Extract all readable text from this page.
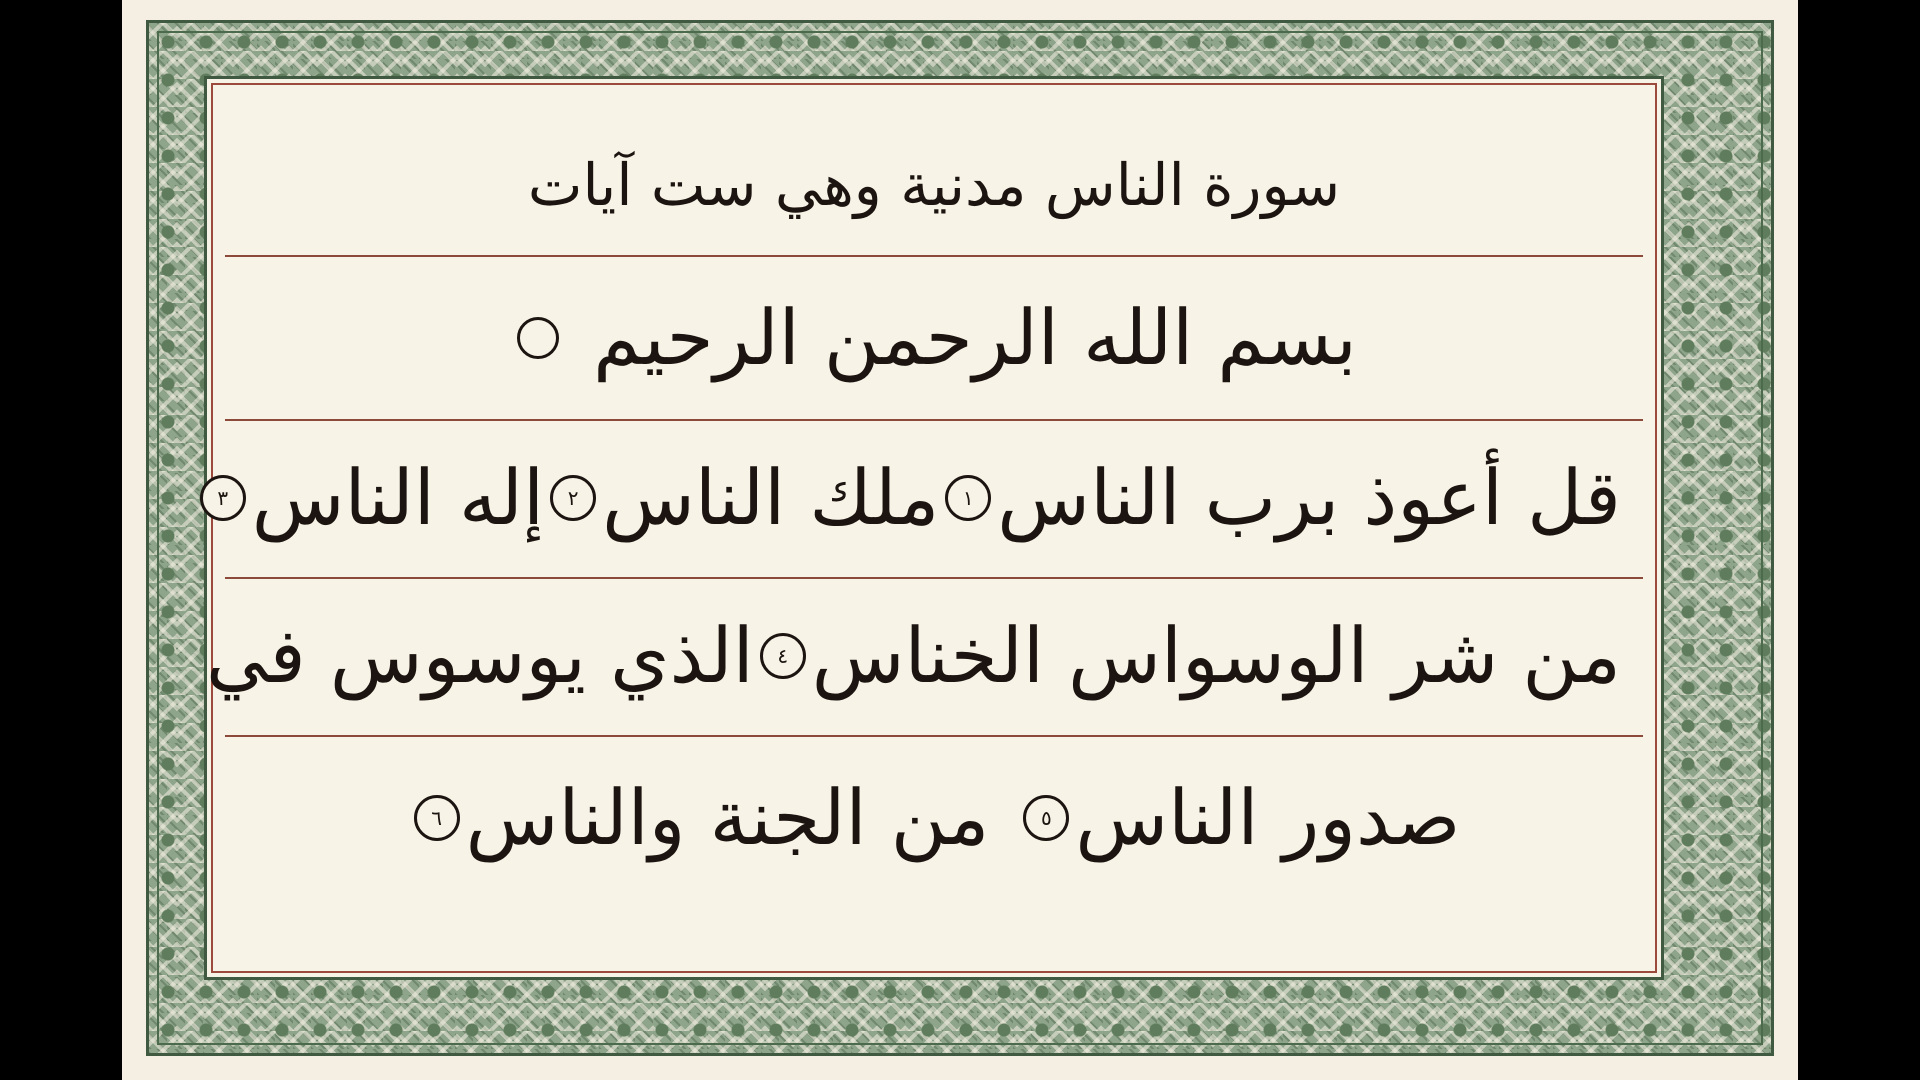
سورة الناس مدنية وهي ست آيات
بسم الله الرحمن الرحيم
قل أعوذ برب الناس
١
ملك الناس
٢
إله الناس
٣
من شر الوسواس الخناس
٤
الذي يوسوس في
صدور الناس
٥
من الجنة والناس
٦
